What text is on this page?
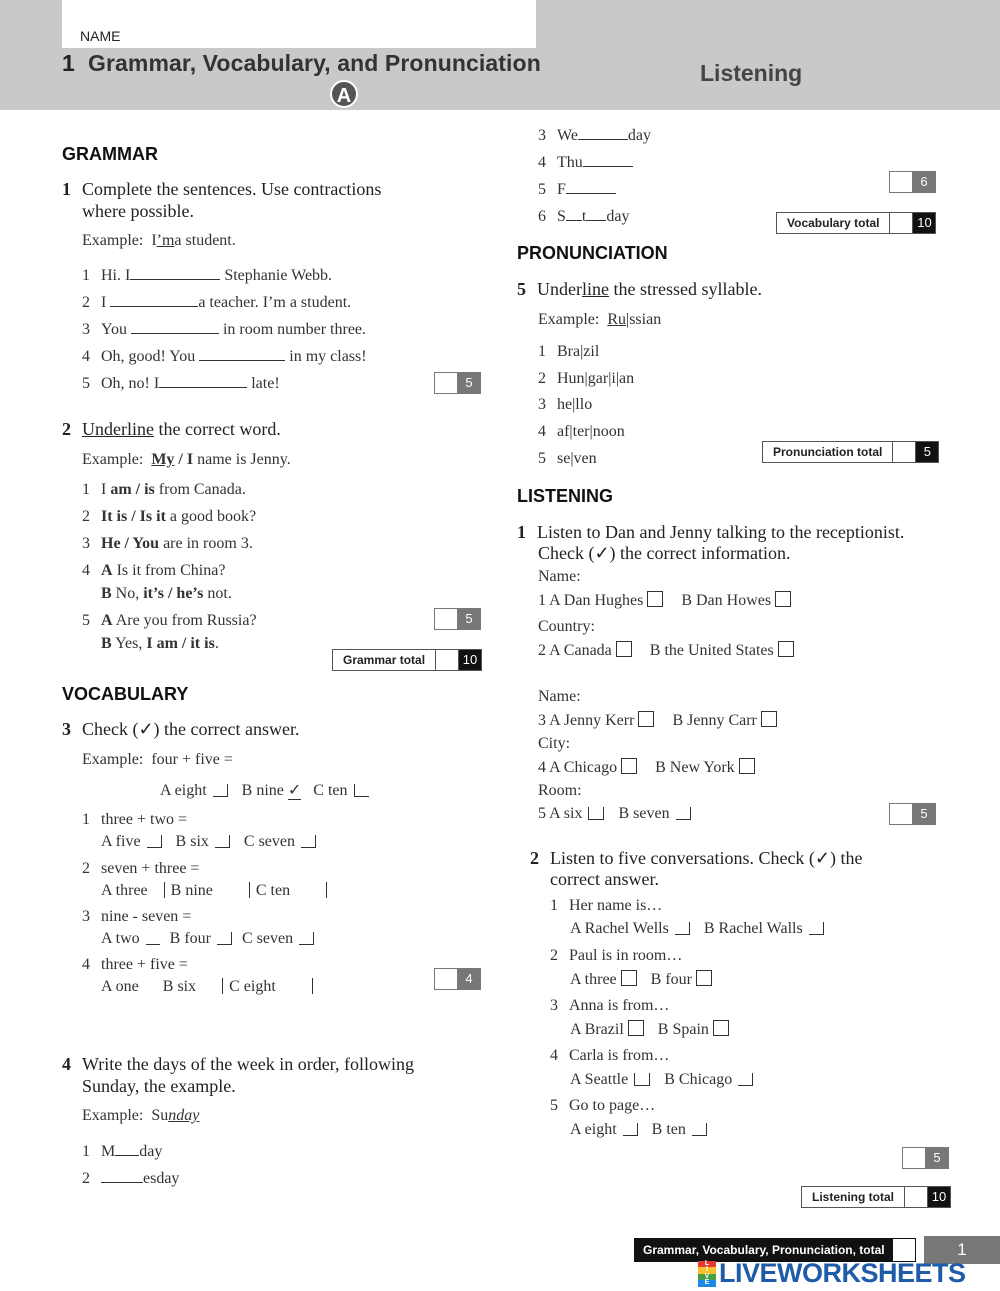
NAME
1 Grammar, Vocabulary, and Pronunciation
A
Listening
GRAMMAR
1 Complete the sentences. Use contractions
where possible.
Example: I’ma student.
1 Hi. I	Stephanie Webb.
2 I	a teacher. I’m a student.
3 You	in room number three.
4 Oh, good! You	in my class!
5 Oh, no! I	late!	5
2 Underline the correct word.
Example: My / I name is Jenny.
1 I am / is from Canada.
2 It is / Is it a good book?
3 He / You are in room 3.
4 A Is it from China?
B No, it’s / he’s not.
5 A Are you from Russia?
B Yes, I am / it is.
5
Grammar total	10
VOCABULARY
3 Check (✓) the correct answer.
Example: four + five =
A eight B nine ✓ C ten
1 three + two =
A five B six C seven
2 seven + three =
A three B nine	C ten
3 nine - seven =
A two B four C seven
4 three + five =
A one B six C eight	4
4 Write the days of the week in order, following
Sunday, the example.
Example: Sunday
1 M day
2	esday
3 We	day
4 Thu
5 F
6 S t day
6
Vocabulary total	10
PRONUNCIATION
5 Underline the stressed syllable.
Example: Ru|ssian
1 Bra|zil
2 Hun|gar|i|an
3 he|llo
4 af|ter|noon
5 se|ven	Pronunciation total	5
LISTENING
1 Listen to Dan and Jenny talking to the receptionist.
Check (✓) the correct information.
Name:
1 A Dan Hughes B Dan Howes
Country:
2 A Canada B the United States
Name:
3 A Jenny Kerr B Jenny Carr
City:
4 A Chicago B New York
Room:
5 A six B seven	5
2 Listen to five conversations. Check (✓) the
correct answer.
1 Her name is…
A Rachel Wells B Rachel Walls
2 Paul is in room…
A three B four
3 Anna is from…
A Brazil B Spain
4 Carla is from…
A Seattle B Chicago
5 Go to page…
A eight B ten
5
Listening total	10
Grammar, Vocabulary, Pronunciation, total	1
L
I
V
E LIVEWORKSHEETS
